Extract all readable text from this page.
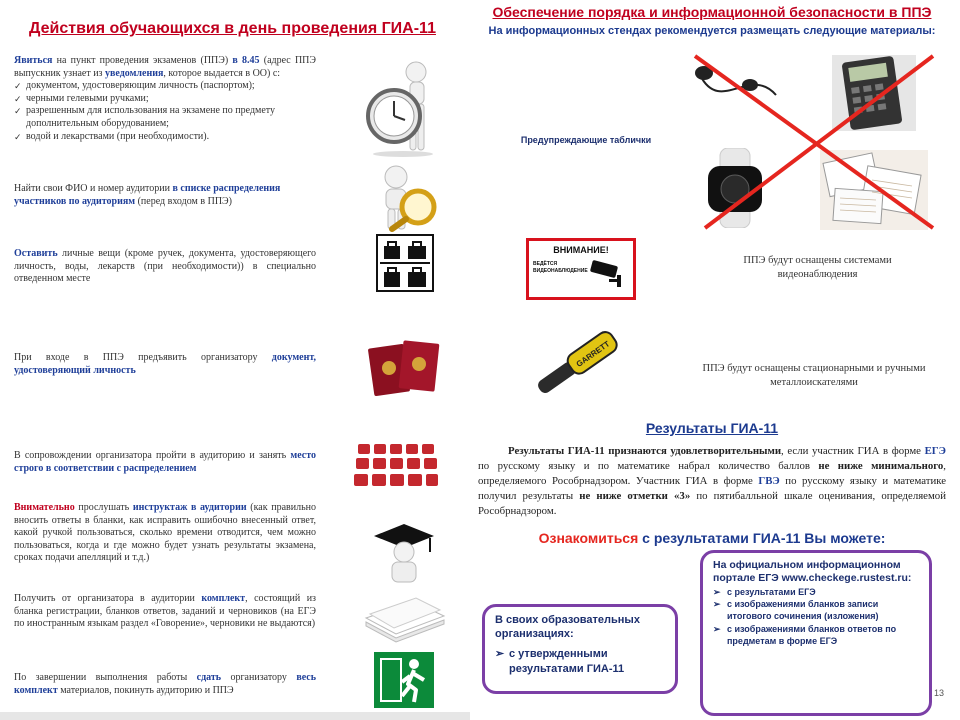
Действия обучающихся в день проведения ГИА-11
Явиться на пункт проведения экзаменов (ППЭ) в 8.45 (адрес ППЭ выпускник узнает из уведомления, которое выдается в ОО) с:
✓ документом, удостоверяющим личность (паспортом);
✓ черными гелевыми ручками;
✓ разрешенным для использования на экзамене по предмету дополнительным оборудованием;
✓ водой и лекарствами (при необходимости).
Найти свои ФИО и номер аудитории в списке распределения участников по аудиториям (перед входом в ППЭ)
Оставить личные вещи (кроме ручек, документа, удостоверяющего личность, воды, лекарств (при необходимости)) в специально отведенном месте
При входе в ППЭ предъявить организатору документ, удостоверяющий личность
В сопровождении организатора пройти в аудиторию и занять место строго в соответствии с распределением
Внимательно прослушать инструктаж в аудитории (как правильно вносить ответы в бланки, как исправить ошибочно внесенный ответ, какой ручкой пользоваться, сколько времени отводится, чем можно пользоваться, когда и где можно будет узнать результаты экзамена, сроках подачи апелляций и т.д.)
Получить от организатора в аудитории комплект, состоящий из бланка регистрации, бланков ответов, заданий и черновиков (на ЕГЭ по иностранным языкам раздел «Говорение», черновики не выдаются)
По завершении выполнения работы сдать организатору весь комплект материалов, покинуть аудиторию и ППЭ
Обеспечение порядка и информационной безопасности в ППЭ
На информационных стендах рекомендуется размещать следующие материалы:
Предупреждающие таблички
ВНИМАНИЕ!
ВЕДЁТСЯ ВИДЕОНАБЛЮДЕНИЕ
ППЭ будут оснащены системами видеонаблюдения
GARRETT	ППЭ будут оснащены стационарными и ручными металлоискателями
Результаты ГИА-11
Результаты ГИА-11 признаются удовлетворительными, если участник ГИА в форме ЕГЭ по русскому языку и по математике набрал количество баллов не ниже минимального, определяемого Рособрнадзором. Участник ГИА в форме ГВЭ по русскому языку и математике получил результаты не ниже отметки «3» по пятибалльной шкале оценивания, определяемой Рособрнадзором.
Ознакомиться с результатами ГИА-11 Вы можете:
В своих образовательных организациях:
➢ с утвержденными результатами ГИА-11
На официальном информационном портале ЕГЭ www.checkege.rustest.ru:
➢ с результатами ЕГЭ
➢ с изображениями бланков записи итогового сочинения (изложения)
➢ с изображениями бланков ответов по предметам в форме ЕГЭ
13
